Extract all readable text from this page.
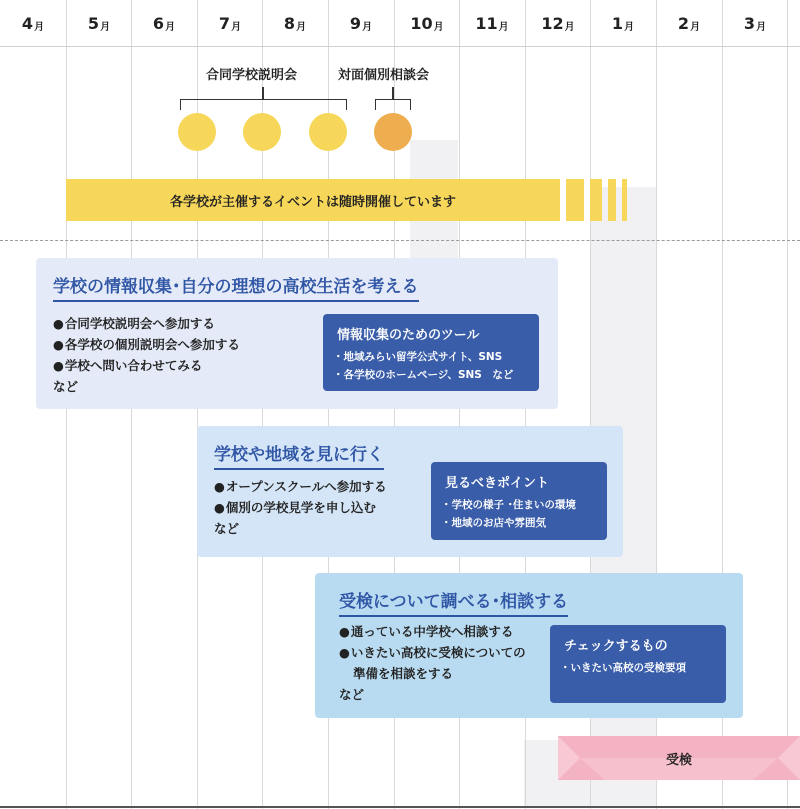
4 月	5 月	6 月	7 月	8 月	9 月 10 月 11 月 12 月 1 月	2 月	3 月
合同学校説明会	対面個別相談会
各学校が主催するイベントは随時開催しています
学校の情報収集･自分の理想の高校生活を考える
● 合同学校説明会へ参加する
● 各学校の個別説明会へ参加する
● 学校へ問い合わせてみる
など
情報収集のためのツール
・ 地域みらい留学公式サイト、SNS
・ 各学校のホームページ、SNS　など
学校や地域を見に行く
● オープンスクールへ参加する
● 個別の学校見学を申し込む
など
見るべきポイント
・ 学校の様子 ･住まいの環境
・ 地域のお店や雰囲気
受検について調べる･相談する
● 通っている中学校へ相談する
● いきたい高校に受検についての
準備を相談をする
など
チェックするもの
・ いきたい高校の受検要項
受検
